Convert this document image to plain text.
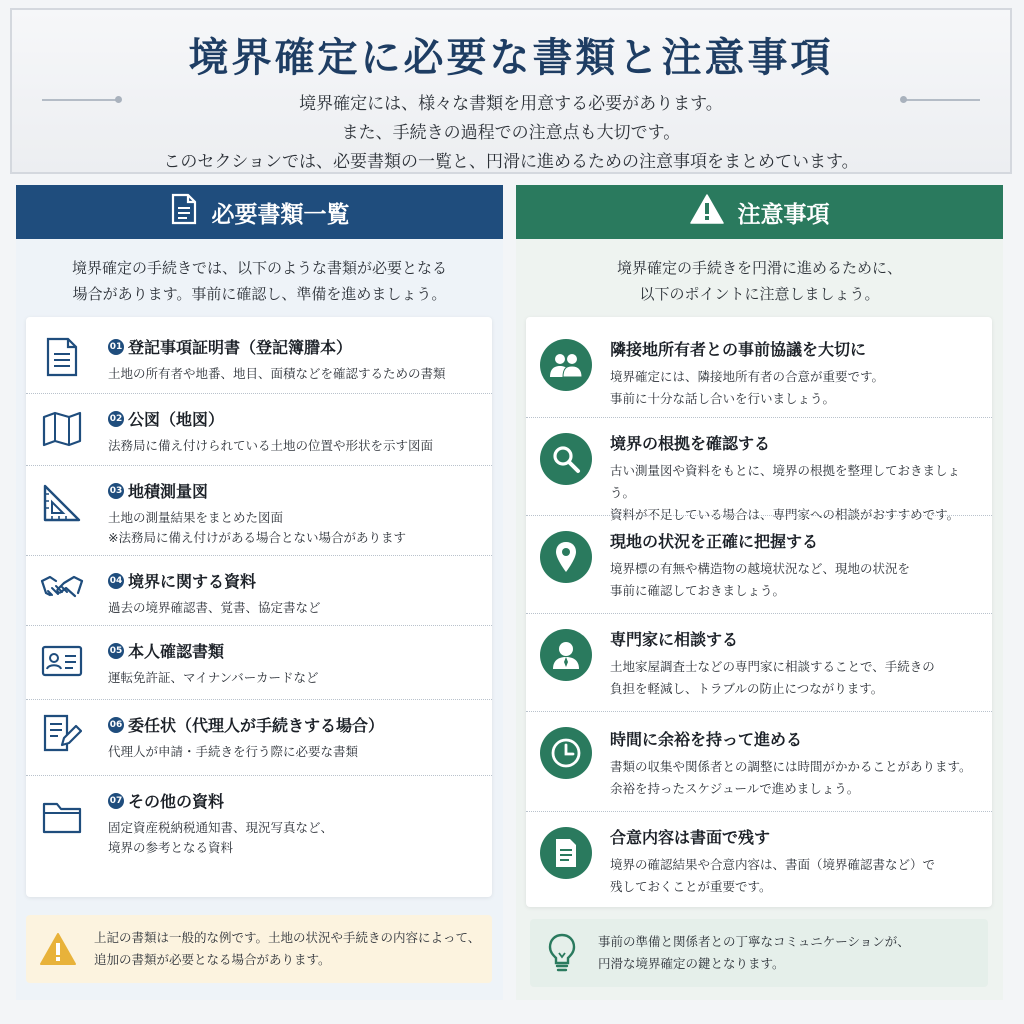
境界確定に必要な書類と注意事項
境界確定には、様々な書類を用意する必要があります。
また、手続きの過程での注意点も大切です。
このセクションでは、必要書類の一覧と、円滑に進めるための注意事項をまとめています。
必要書類一覧
境界確定の手続きでは、以下のような書類が必要となる
場合があります。事前に確認し、準備を進めましょう。
01 登記事項証明書（登記簿謄本）
土地の所有者や地番、地目、面積などを確認するための書類
02 公図（地図）
法務局に備え付けられている土地の位置や形状を示す図面
03 地積測量図
土地の測量結果をまとめた図面
※法務局に備え付けがある場合とない場合があります
04 境界に関する資料
過去の境界確認書、覚書、協定書など
05 本人確認書類
運転免許証、マイナンバーカードなど
06 委任状（代理人が手続きする場合）
代理人が申請・手続きを行う際に必要な書類
07 その他の資料
固定資産税納税通知書、現況写真など、
境界の参考となる資料
上記の書類は一般的な例です。土地の状況や手続きの内容によって、
追加の書類が必要となる場合があります。
注意事項
境界確定の手続きを円滑に進めるために、
以下のポイントに注意しましょう。
隣接地所有者との事前協議を大切に
境界確定には、隣接地所有者の合意が重要です。
事前に十分な話し合いを行いましょう。
境界の根拠を確認する
古い測量図や資料をもとに、境界の根拠を整理しておきましょう。
資料が不足している場合は、専門家への相談がおすすめです。
現地の状況を正確に把握する
境界標の有無や構造物の越境状況など、現地の状況を
事前に確認しておきましょう。
専門家に相談する
土地家屋調査士などの専門家に相談することで、手続きの
負担を軽減し、トラブルの防止につながります。
時間に余裕を持って進める
書類の収集や関係者との調整には時間がかかることがあります。
余裕を持ったスケジュールで進めましょう。
合意内容は書面で残す
境界の確認結果や合意内容は、書面（境界確認書など）で
残しておくことが重要です。
事前の準備と関係者との丁寧なコミュニケーションが、
円滑な境界確定の鍵となります。
